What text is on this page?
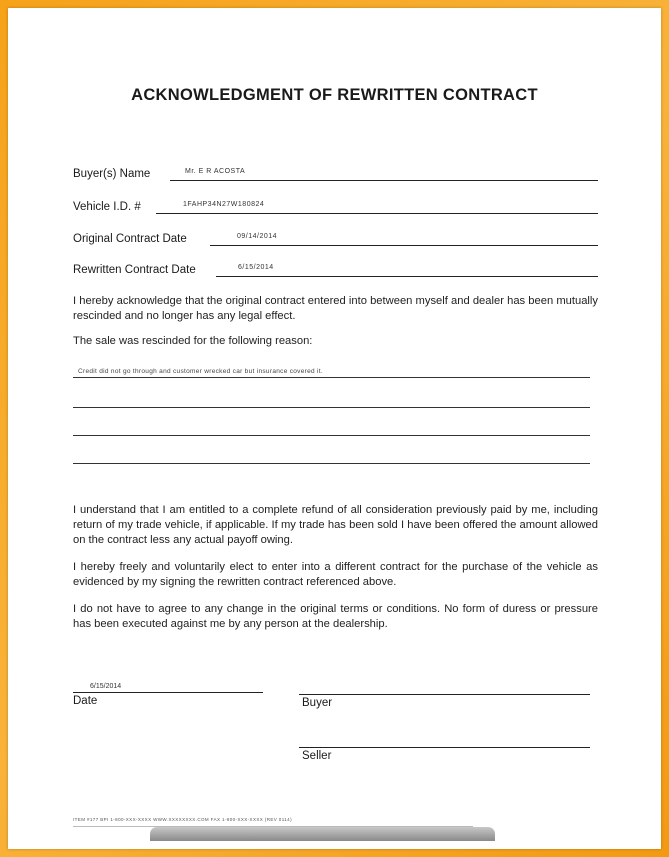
ACKNOWLEDGMENT OF REWRITTEN CONTRACT
Buyer(s) Name	Mr. E R ACOSTA
Vehicle I.D. #	1FAHP34N27W180824
Original Contract Date	09/14/2014
Rewritten Contract Date	6/15/2014
I hereby acknowledge that the original contract entered into between myself and dealer has been mutually rescinded and no longer has any legal effect.
The sale was rescinded for the following reason:
Credit did not go through and customer wrecked car but insurance covered it.
I understand that I am entitled to a complete refund of all consideration previously paid by me, including return of my trade vehicle, if applicable. If my trade has been sold I have been offered the amount allowed on the contract less any actual payoff owing.
I hereby freely and voluntarily elect to enter into a different contract for the purchase of the vehicle as evidenced by my signing the rewritten contract referenced above.
I do not have to agree to any change in the original terms or conditions. No form of duress or pressure has been executed against me by any person at the dealership.
6/15/2014
Date	Buyer
Seller
ITEM #177 BPI 1-800-XXX-XXXX WWW.XXXXXXXX.COM FAX 1-800-XXX-XXXX (REV 0114)
